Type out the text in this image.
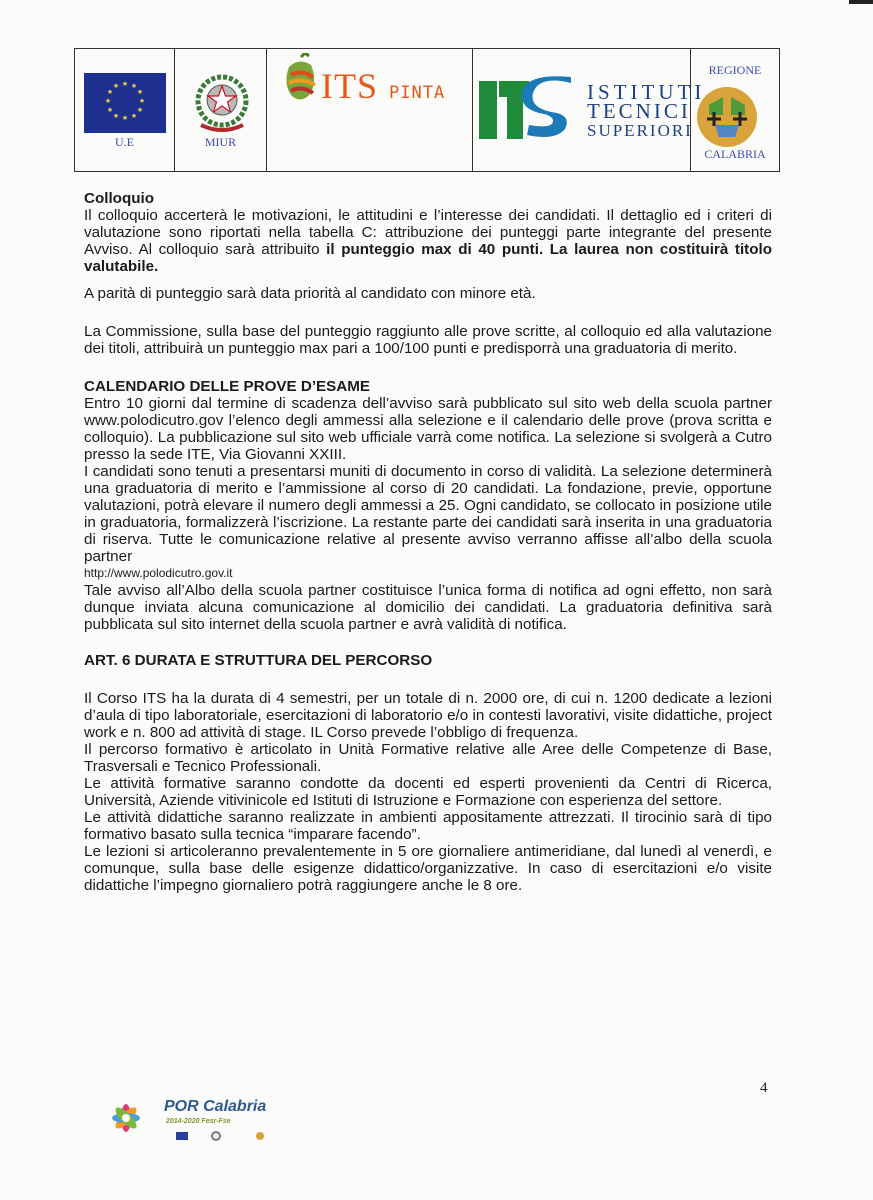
★ ★
★
★
★
★
★
★
★
★
★
★
U.E	MIUR
ITS PINTA	ISTITUTI
TECNICI
SUPERIORI
REGIONE
CALABRIA

Colloquio

Il colloquio accerterà le motivazioni, le attitudini e l’interesse dei candidati. Il dettaglio ed i criteri di valutazione sono riportati nella tabella C: attribuzione dei punteggi parte integrante del presente Avviso. Al colloquio sarà attribuito il punteggio max di 40 punti. La laurea non costituirà titolo valutabile.

A parità di punteggio sarà data priorità al candidato con minore età.

La Commissione, sulla base del punteggio raggiunto alle prove scritte, al colloquio ed alla valutazione dei titoli, attribuirà un punteggio max pari a 100/100 punti e predisporrà una graduatoria di merito.

CALENDARIO DELLE PROVE D’ESAME

Entro 10 giorni dal termine di scadenza dell’avviso sarà pubblicato sul sito web della scuola partner www.polodicutro.gov l’elenco degli ammessi alla selezione e il calendario delle prove (prova scritta e colloquio). La pubblicazione sul sito web ufficiale varrà come notifica. La selezione si svolgerà a Cutro presso la sede ITE, Via Giovanni XXIII.

I candidati sono tenuti a presentarsi muniti di documento in corso di validità. La selezione determinerà una graduatoria di merito e l’ammissione al corso di 20 candidati. La fondazione, previe, opportune valutazioni, potrà elevare il numero degli ammessi a 25. Ogni candidato, se collocato in posizione utile in graduatoria, formalizzerà l’iscrizione. La restante parte dei candidati sarà inserita in una graduatoria di riserva. Tutte le comunicazione relative al presente avviso verranno affisse all’albo della scuola partner

http://www.polodicutro.gov.it

Tale avviso all’Albo della scuola partner costituisce l’unica forma di notifica ad ogni effetto, non sarà dunque inviata alcuna comunicazione al domicilio dei candidati. La graduatoria definitiva sarà pubblicata sul sito internet della scuola partner e avrà validità di notifica.

ART. 6 DURATA E STRUTTURA DEL PERCORSO

Il Corso ITS ha la durata di 4 semestri, per un totale di n. 2000 ore, di cui n. 1200 dedicate a lezioni d’aula di tipo laboratoriale, esercitazioni di laboratorio e/o in contesti lavorativi, visite didattiche, project work e n. 800 ad attività di stage. IL Corso prevede l’obbligo di frequenza.

Il percorso formativo è articolato in Unità Formative relative alle Aree delle Competenze di Base, Trasversali e Tecnico Professionali.

Le attività formative saranno condotte da docenti ed esperti provenienti da Centri di Ricerca, Università, Aziende vitivinicole ed Istituti di Istruzione e Formazione con esperienza del settore.

Le attività didattiche saranno realizzate in ambienti appositamente attrezzati. Il tirocinio sarà di tipo formativo basato sulla tecnica “imparare facendo”.

Le lezioni si articoleranno prevalentemente in 5 ore giornaliere antimeridiane, dal lunedì al venerdì, e comunque, sulla base delle esigenze didattico/organizzative. In caso di esercitazioni e/o visite didattiche l’impegno giornaliero potrà raggiungere anche le 8 ore.

4
POR Calabria
2014-2020 Fesr-Fse
